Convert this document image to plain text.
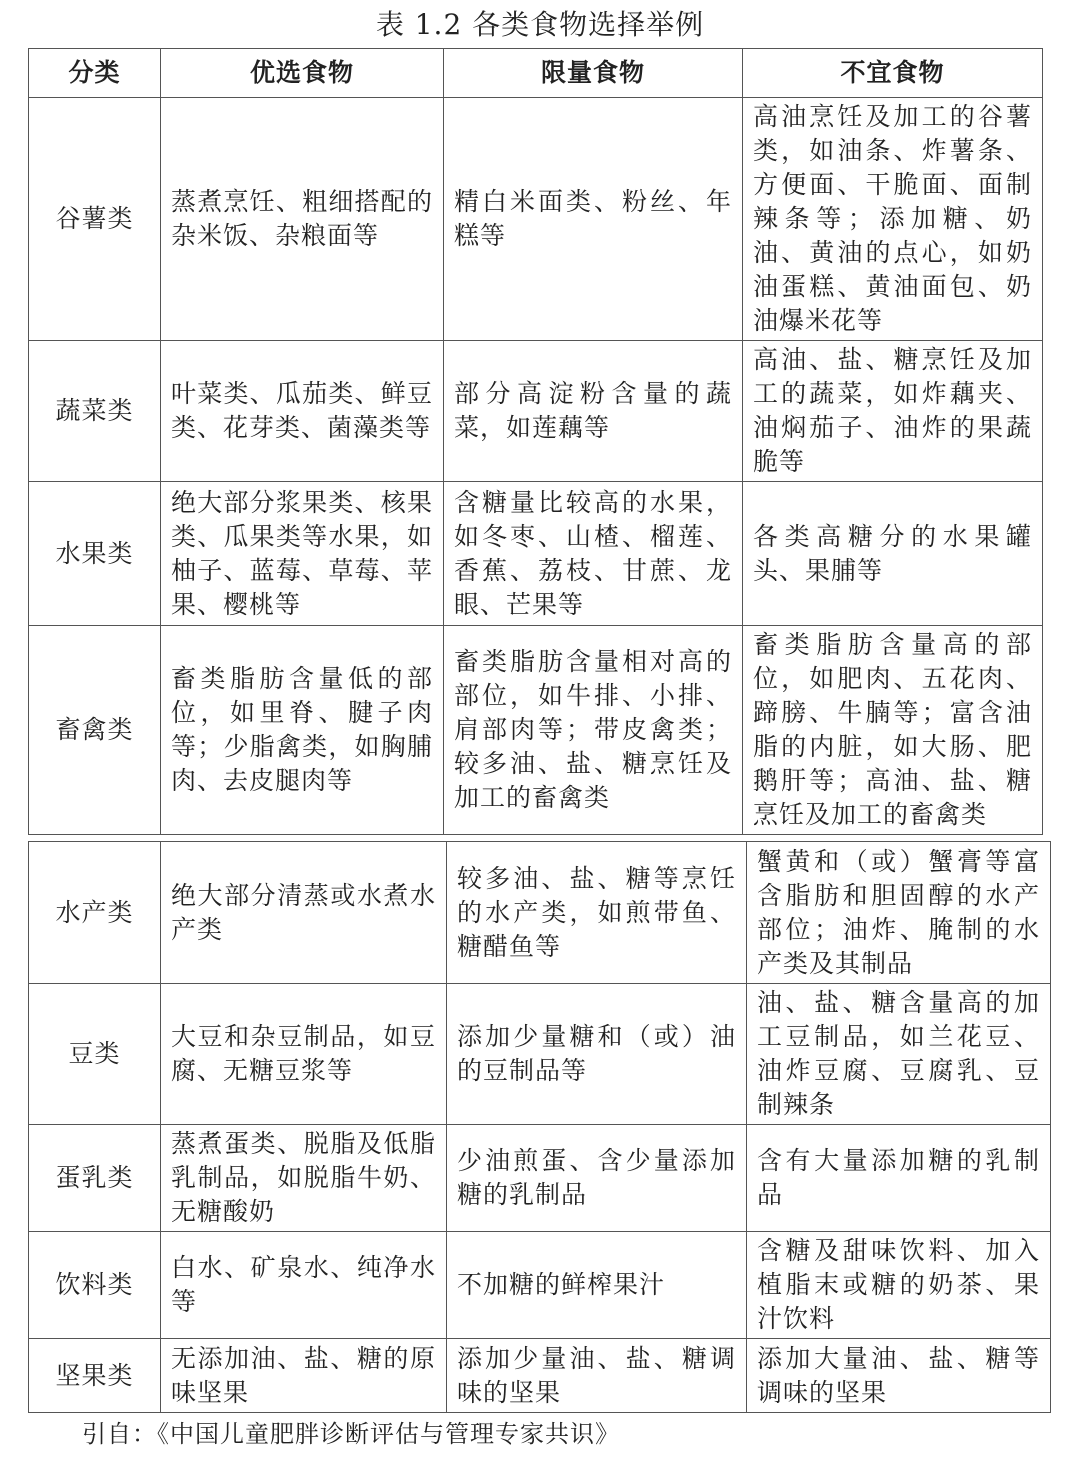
表 1.2 各类食物选择举例
分类	优选食物	限量食物	不宜食物
谷薯类	蒸煮烹饪、粗细搭配的杂米饭、杂粮面等	精白米面类、粉丝、年糕等	高油烹饪及加工的谷薯类，如油条、炸薯条、方便面、干脆面、面制辣条等；添加糖、奶油、黄油的点心，如奶油蛋糕、黄油面包、奶油爆米花等
蔬菜类	叶菜类、瓜茄类、鲜豆类、花芽类、菌藻类等	部分高淀粉含量的蔬菜，如莲藕等	高油、盐、糖烹饪及加工的蔬菜，如炸藕夹、油焖茄子、油炸的果蔬脆等
水果类	绝大部分浆果类、核果类、瓜果类等水果，如柚子、蓝莓、草莓、苹果、樱桃等	含糖量比较高的水果，如冬枣、山楂、榴莲、香蕉、荔枝、甘蔗、龙眼、芒果等	各类高糖分的水果罐头、果脯等
畜禽类	畜类脂肪含量低的部位，如里脊、腱子肉等；少脂禽类，如胸脯肉、去皮腿肉等	畜类脂肪含量相对高的部位，如牛排、小排、肩部肉等；带皮禽类；较多油、盐、糖烹饪及加工的畜禽类	畜类脂肪含量高的部位，如肥肉、五花肉、蹄膀、牛腩等；富含油脂的内脏，如大肠、肥鹅肝等；高油、盐、糖烹饪及加工的畜禽类
水产类	绝大部分清蒸或水煮水产类	较多油、盐、糖等烹饪的水产类，如煎带鱼、糖醋鱼等	蟹黄和（或）蟹膏等富含脂肪和胆固醇的水产部位；油炸、腌制的水产类及其制品
豆类	大豆和杂豆制品，如豆腐、无糖豆浆等	添加少量糖和（或）油的豆制品等	油、盐、糖含量高的加工豆制品，如兰花豆、油炸豆腐、豆腐乳、豆制辣条
蛋乳类	蒸煮蛋类、脱脂及低脂乳制品，如脱脂牛奶、无糖酸奶	少油煎蛋、含少量添加糖的乳制品	含有大量添加糖的乳制品
饮料类	白水、矿泉水、纯净水等	不加糖的鲜榨果汁	含糖及甜味饮料、加入植脂末或糖的奶茶、果汁饮料
坚果类	无添加油、盐、糖的原味坚果	添加少量油、盐、糖调味的坚果	添加大量油、盐、糖等调味的坚果
引自：《中国儿童肥胖诊断评估与管理专家共识》
